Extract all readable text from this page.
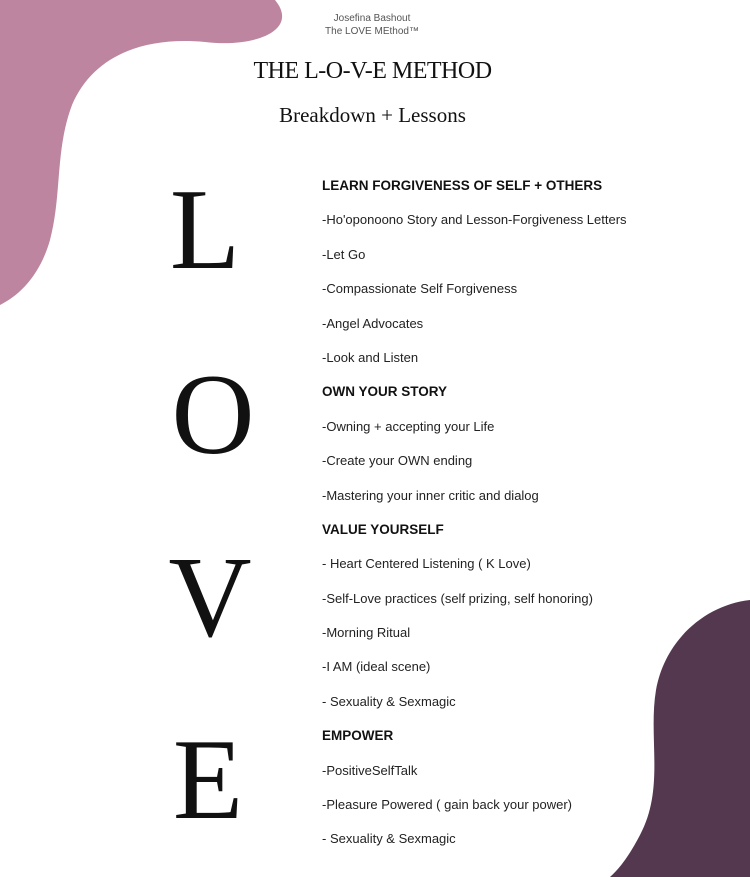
Josefina Bashout
The LOVE MEthod™
THE L-O-V-E METHOD
Breakdown + Lessons
L
O
V
E
LEARN FORGIVENESS OF SELF + OTHERS
-Ho'oponoono Story and Lesson-Forgiveness Letters
-Let Go
-Compassionate Self Forgiveness
-Angel Advocates
-Look and Listen
OWN YOUR STORY
-Owning + accepting your Life
-Create your OWN ending
-Mastering your inner critic and dialog
VALUE YOURSELF
- Heart Centered Listening ( K Love)
-Self-Love practices (self prizing, self honoring)
-Morning Ritual
-I AM (ideal scene)
- Sexuality & Sexmagic
EMPOWER
-PositiveSelfTalk
-Pleasure Powered ( gain back your power)
- Sexuality & Sexmagic
